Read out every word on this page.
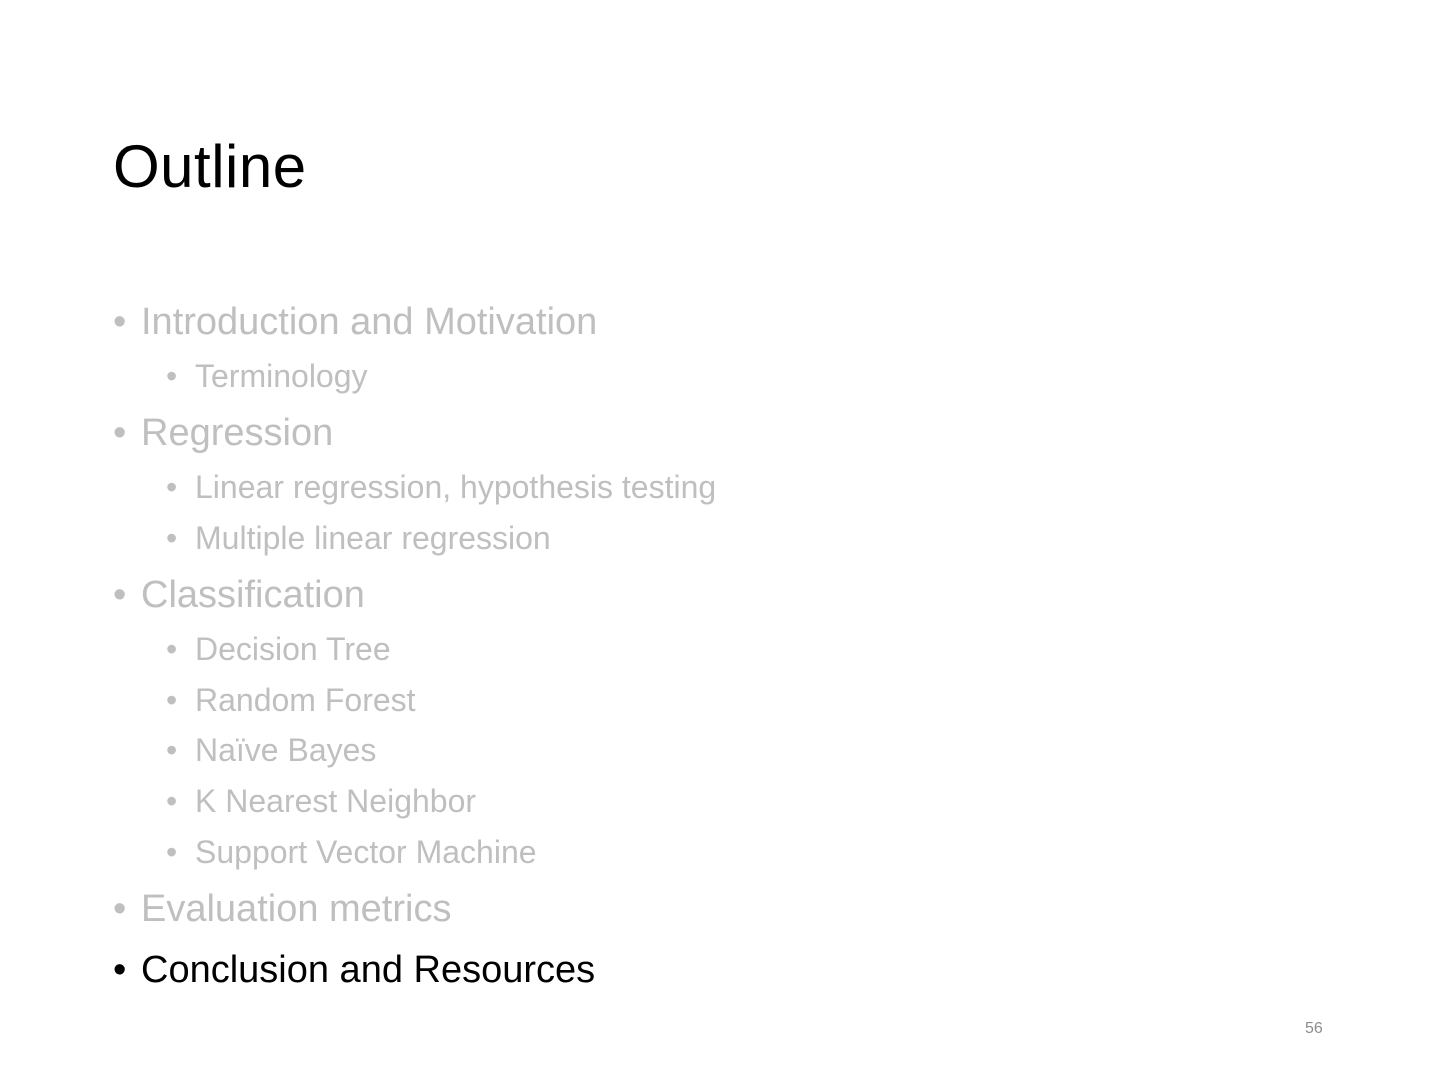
Outline
• Introduction and Motivation
• Terminology
• Regression
• Linear regression, hypothesis testing
• Multiple linear regression
• Classification
• Decision Tree
• Random Forest
• Naïve Bayes
• K Nearest Neighbor
• Support Vector Machine
• Evaluation metrics
• Conclusion and Resources
56
